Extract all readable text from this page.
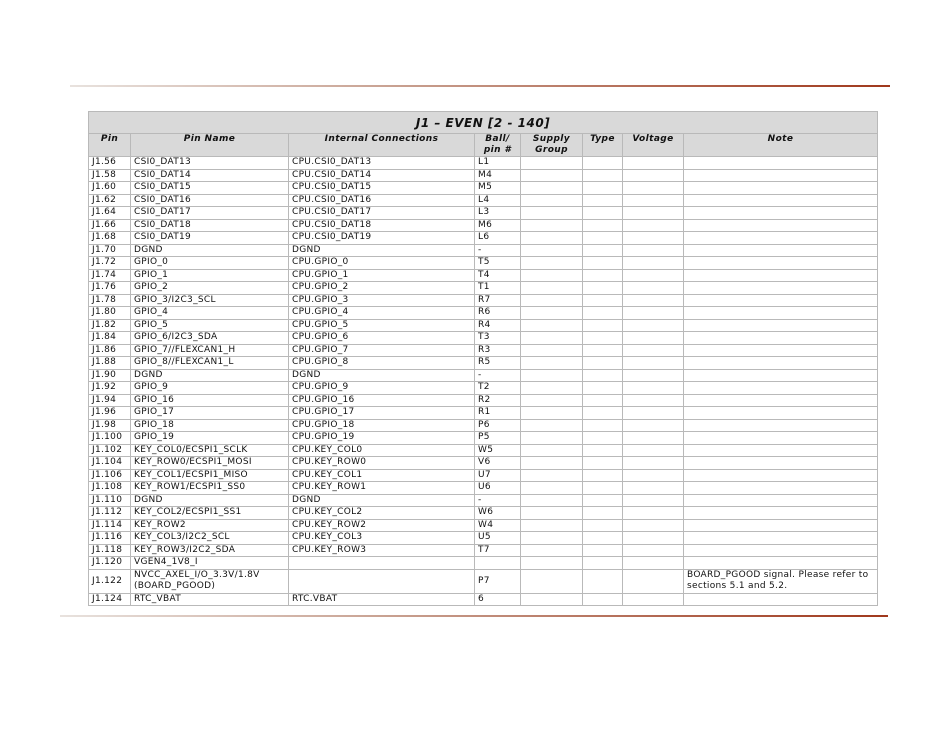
J1 – EVEN [2 - 140]							
Pin	Pin Name	Internal Connections	Ball/ pin #	Supply Group	Type	Voltage	Note
J1.56	CSI0_DAT13	CPU.CSI0_DAT13	L1				
J1.58	CSI0_DAT14	CPU.CSI0_DAT14	M4				
J1.60	CSI0_DAT15	CPU.CSI0_DAT15	M5				
J1.62	CSI0_DAT16	CPU.CSI0_DAT16	L4				
J1.64	CSI0_DAT17	CPU.CSI0_DAT17	L3				
J1.66	CSI0_DAT18	CPU.CSI0_DAT18	M6				
J1.68	CSI0_DAT19	CPU.CSI0_DAT19	L6				
J1.70	DGND	DGND	-				
J1.72	GPIO_0	CPU.GPIO_0	T5				
J1.74	GPIO_1	CPU.GPIO_1	T4				
J1.76	GPIO_2	CPU.GPIO_2	T1				
J1.78	GPIO_3/I2C3_SCL	CPU.GPIO_3	R7				
J1.80	GPIO_4	CPU.GPIO_4	R6				
J1.82	GPIO_5	CPU.GPIO_5	R4				
J1.84	GPIO_6/I2C3_SDA	CPU.GPIO_6	T3				
J1.86	GPIO_7//FLEXCAN1_H	CPU.GPIO_7	R3				
J1.88	GPIO_8//FLEXCAN1_L	CPU.GPIO_8	R5				
J1.90	DGND	DGND	-				
J1.92	GPIO_9	CPU.GPIO_9	T2				
J1.94	GPIO_16	CPU.GPIO_16	R2				
J1.96	GPIO_17	CPU.GPIO_17	R1				
J1.98	GPIO_18	CPU.GPIO_18	P6				
J1.100	GPIO_19	CPU.GPIO_19	P5				
J1.102	KEY_COL0/ECSPI1_SCLK	CPU.KEY_COL0	W5				
J1.104	KEY_ROW0/ECSPI1_MOSI	CPU.KEY_ROW0	V6				
J1.106	KEY_COL1/ECSPI1_MISO	CPU.KEY_COL1	U7				
J1.108	KEY_ROW1/ECSPI1_SS0	CPU.KEY_ROW1	U6				
J1.110	DGND	DGND	-				
J1.112	KEY_COL2/ECSPI1_SS1	CPU.KEY_COL2	W6				
J1.114	KEY_ROW2	CPU.KEY_ROW2	W4				
J1.116	KEY_COL3/I2C2_SCL	CPU.KEY_COL3	U5				
J1.118	KEY_ROW3/I2C2_SDA	CPU.KEY_ROW3	T7				
J1.120	VGEN4_1V8_I						
J1.122	NVCC_AXEL_I/O_3.3V/1.8V (BOARD_PGOOD)		P7				BOARD_PGOOD signal. Please refer to sections 5.1 and 5.2.
J1.124	RTC_VBAT	RTC.VBAT	6				
